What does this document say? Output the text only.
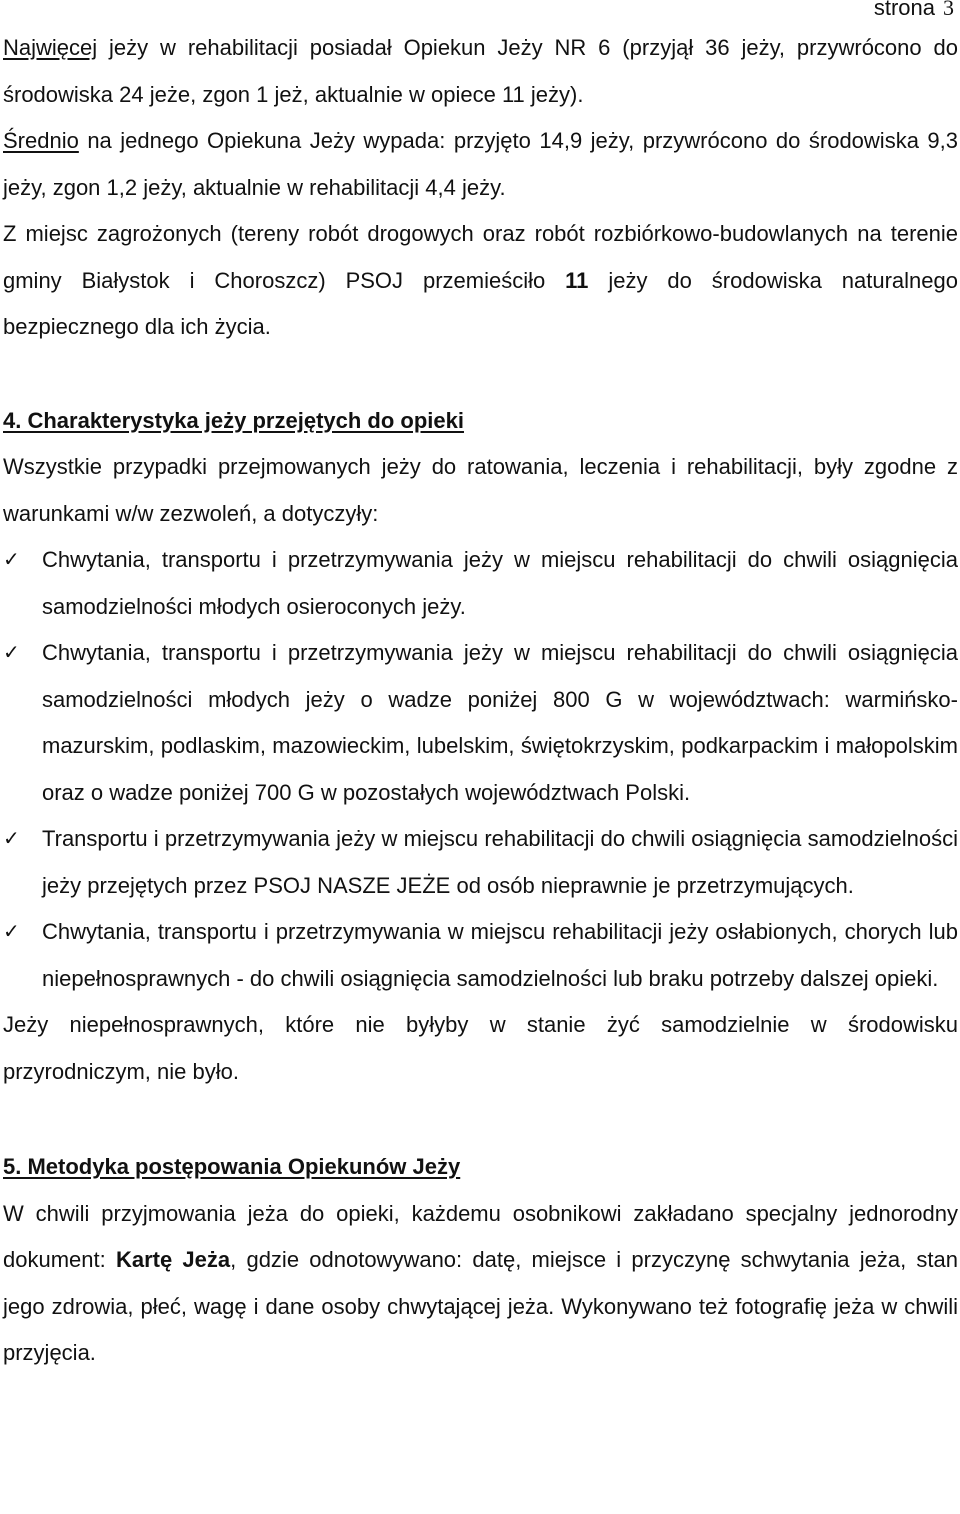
strona 3

Najwięcej jeży w rehabilitacji posiadał Opiekun Jeży NR 6 (przyjął 36 jeży, przywrócono do środowiska 24 jeże, zgon 1 jeż, aktualnie w opiece 11 jeży).

Średnio na jednego Opiekuna Jeży wypada: przyjęto 14,9 jeży, przywrócono do środowiska 9,3 jeży, zgon 1,2 jeży, aktualnie w rehabilitacji 4,4 jeży.

Z miejsc zagrożonych (tereny robót drogowych oraz robót rozbiórkowo-budowlanych na terenie gminy Białystok i Choroszcz) PSOJ przemieściło 11 jeży do środowiska naturalnego bezpiecznego dla ich życia.

4. Charakterystyka jeży przejętych do opieki

Wszystkie przypadki przejmowanych jeży do ratowania, leczenia i rehabilitacji, były zgodne z warunkami w/w zezwoleń, a dotyczyły:

✓ Chwytania, transportu i przetrzymywania jeży w miejscu rehabilitacji do chwili osiągnięcia samodzielności młodych osieroconych jeży.
✓ Chwytania, transportu i przetrzymywania jeży w miejscu rehabilitacji do chwili osiągnięcia samodzielności młodych jeży o wadze poniżej 800 G w województwach: warmińsko-mazurskim, podlaskim, mazowieckim, lubelskim, świętokrzyskim, podkarpackim i małopolskim oraz o wadze poniżej 700 G w pozostałych województwach Polski.
✓ Transportu i przetrzymywania jeży w miejscu rehabilitacji do chwili osiągnięcia samodzielności jeży przejętych przez PSOJ NASZE JEŻE od osób nieprawnie je przetrzymujących.
✓ Chwytania, transportu i przetrzymywania w miejscu rehabilitacji jeży osłabionych, chorych lub niepełnosprawnych - do chwili osiągnięcia samodzielności lub braku potrzeby dalszej opieki.

Jeży niepełnosprawnych, które nie byłyby w stanie żyć samodzielnie w środowisku przyrodniczym, nie było.

5. Metodyka postępowania Opiekunów Jeży

W chwili przyjmowania jeża do opieki, każdemu osobnikowi zakładano specjalny jednorodny dokument: Kartę Jeża, gdzie odnotowywano: datę, miejsce i przyczynę schwytania jeża, stan jego zdrowia, płeć, wagę i dane osoby chwytającej jeża. Wykonywano też fotografię jeża w chwili przyjęcia.
